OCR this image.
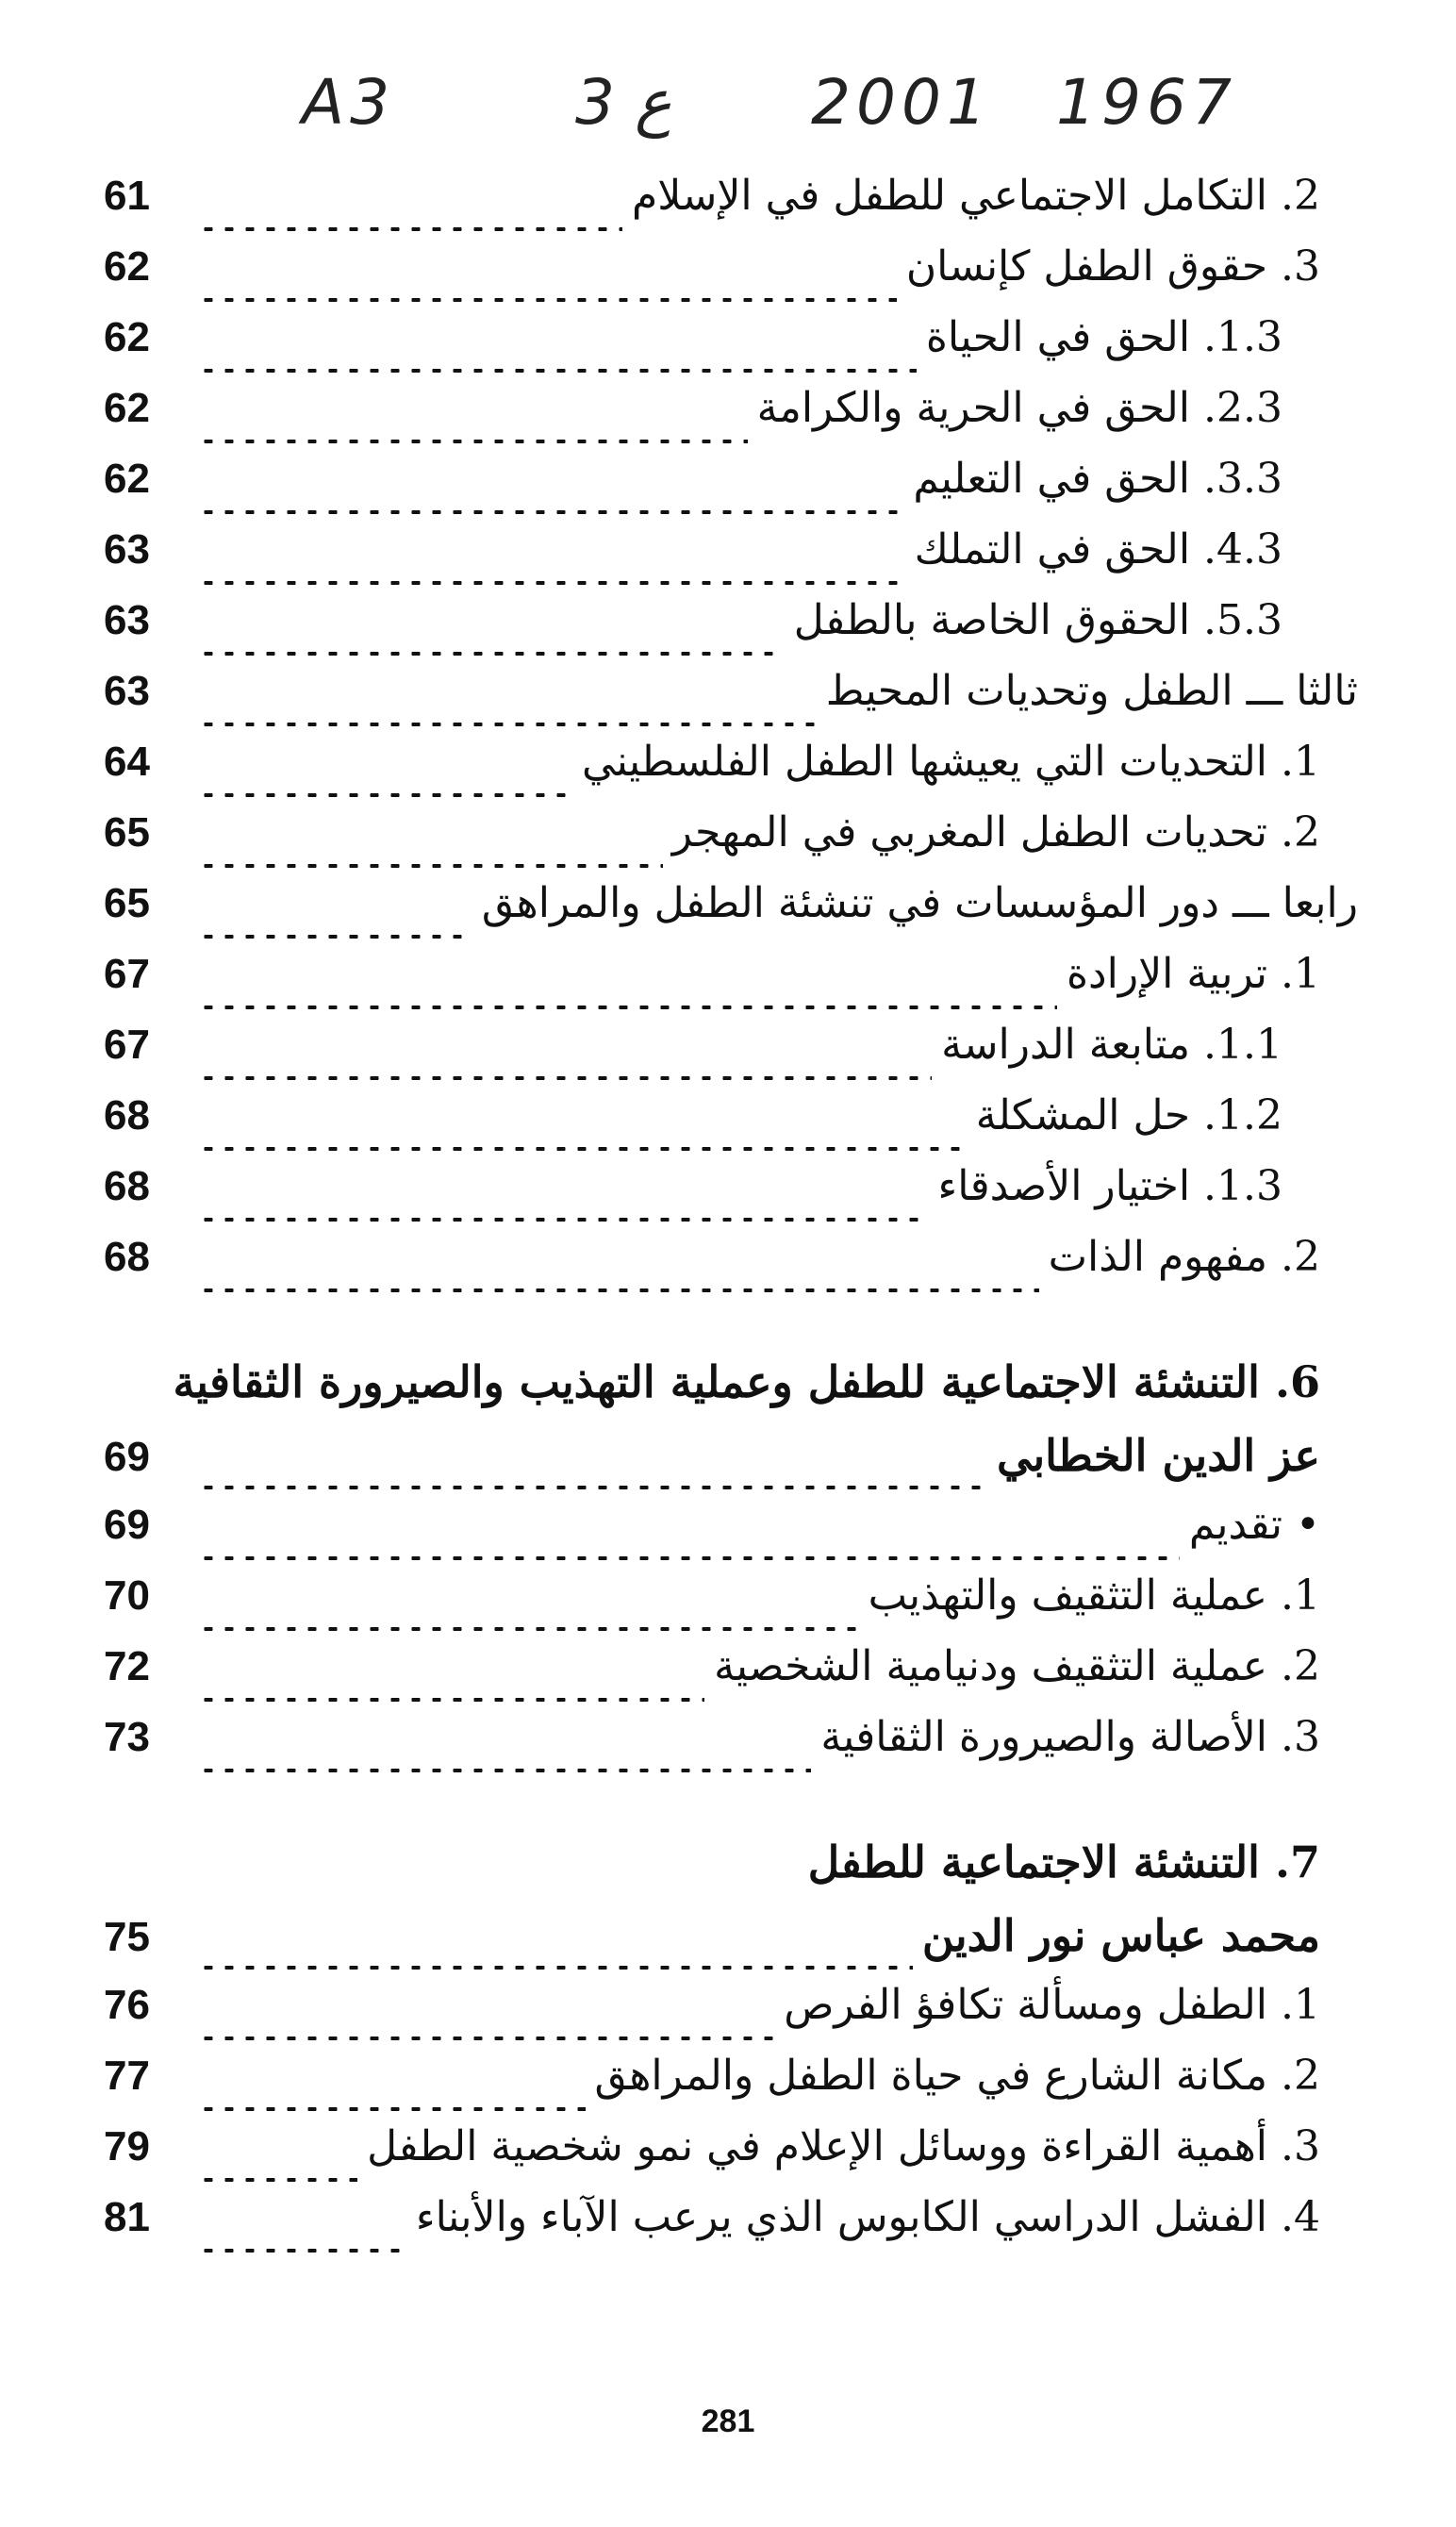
A3	3 ع 2001 1967
2. التكامل الاجتماعي للطفل في الإسلام
61
3. حقوق الطفل كإنسان
62
1.3. الحق في الحياة
62
2.3. الحق في الحرية والكرامة
62
3.3. الحق في التعليم
62
4.3. الحق في التملك
63
5.3. الحقوق الخاصة بالطفل
63
ثالثا ـــ الطفل وتحديات المحيط
63
1. التحديات التي يعيشها الطفل الفلسطيني
64
2. تحديات الطفل المغربي في المهجر
65
رابعا ـــ دور المؤسسات في تنشئة الطفل والمراهق
65
1. تربية الإرادة
67
1.1. متابعة الدراسة
67
1.2. حل المشكلة
68
1.3. اختيار الأصدقاء
68
2. مفهوم الذات
68
6. التنشئة الاجتماعية للطفل وعملية التهذيب والصيرورة الثقافية
عز الدين الخطابي
69
• تقديم
69
1. عملية التثقيف والتهذيب
70
2. عملية التثقيف ودنيامية الشخصية
72
3. الأصالة والصيرورة الثقافية
73
7. التنشئة الاجتماعية للطفل
محمد عباس نور الدين
75
1. الطفل ومسألة تكافؤ الفرص
76
2. مكانة الشارع في حياة الطفل والمراهق
77
3. أهمية القراءة ووسائل الإعلام في نمو شخصية الطفل
79
4. الفشل الدراسي الكابوس الذي يرعب الآباء والأبناء
81
281
